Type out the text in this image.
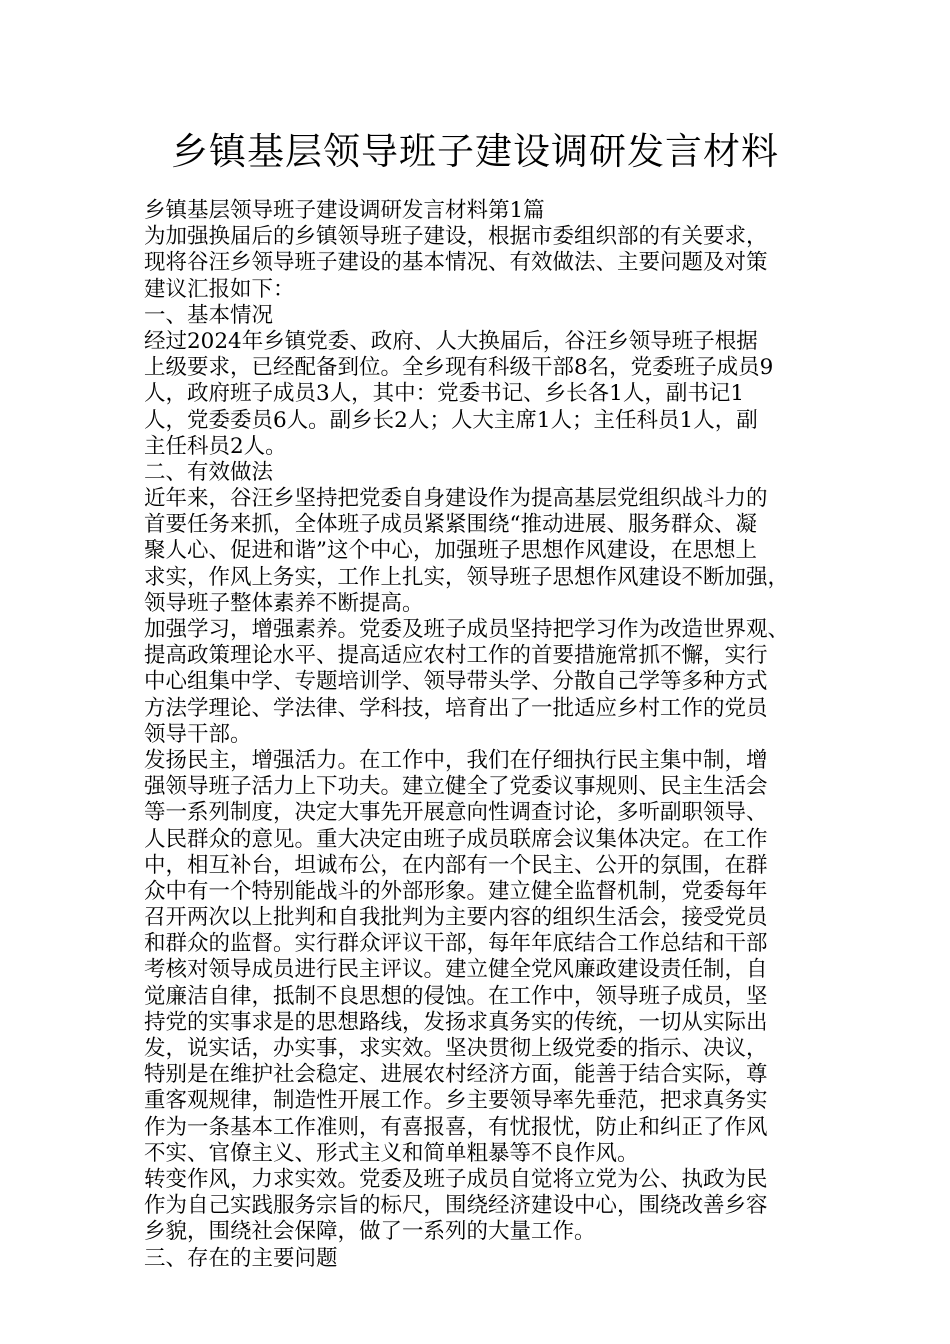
乡镇基层领导班子建设调研发言材料
乡镇基层领导班子建设调研发言材料第1篇
为加强换届后的乡镇领导班子建设，根据市委组织部的有关要求，
现将谷汪乡领导班子建设的基本情况、有效做法、主要问题及对策
建议汇报如下：
一、基本情况
经过2024年乡镇党委、政府、人大换届后，谷汪乡领导班子根据
上级要求，已经配备到位。全乡现有科级干部8名，党委班子成员9
人，政府班子成员3人，其中：党委书记、乡长各1人，副书记1
人，党委委员6人。副乡长2人；人大主席1人；主任科员1人，副
主任科员2人。
二、有效做法
近年来，谷汪乡坚持把党委自身建设作为提高基层党组织战斗力的
首要任务来抓，全体班子成员紧紧围绕“推动进展、服务群众、凝
聚人心、促进和谐”这个中心，加强班子思想作风建设，在思想上
求实，作风上务实，工作上扎实，领导班子思想作风建设不断加强，
领导班子整体素养不断提高。
加强学习，增强素养。党委及班子成员坚持把学习作为改造世界观、
提高政策理论水平、提高适应农村工作的首要措施常抓不懈，实行
中心组集中学、专题培训学、领导带头学、分散自己学等多种方式
方法学理论、学法律、学科技，培育出了一批适应乡村工作的党员
领导干部。
发扬民主，增强活力。在工作中，我们在仔细执行民主集中制，增
强领导班子活力上下功夫。建立健全了党委议事规则、民主生活会
等一系列制度，决定大事先开展意向性调查讨论，多听副职领导、
人民群众的意见。重大决定由班子成员联席会议集体决定。在工作
中，相互补台，坦诚布公，在内部有一个民主、公开的氛围，在群
众中有一个特别能战斗的外部形象。建立健全监督机制，党委每年
召开两次以上批判和自我批判为主要内容的组织生活会，接受党员
和群众的监督。实行群众评议干部，每年年底结合工作总结和干部
考核对领导成员进行民主评议。建立健全党风廉政建设责任制，自
觉廉洁自律，抵制不良思想的侵蚀。在工作中，领导班子成员，坚
持党的实事求是的思想路线，发扬求真务实的传统，一切从实际出
发，说实话，办实事，求实效。坚决贯彻上级党委的指示、决议，
特别是在维护社会稳定、进展农村经济方面，能善于结合实际，尊
重客观规律，制造性开展工作。乡主要领导率先垂范，把求真务实
作为一条基本工作准则，有喜报喜，有忧报忧，防止和纠正了作风
不实、官僚主义、形式主义和简单粗暴等不良作风。
转变作风，力求实效。党委及班子成员自觉将立党为公、执政为民
作为自己实践服务宗旨的标尺，围绕经济建设中心，围绕改善乡容
乡貌，围绕社会保障，做了一系列的大量工作。
三、存在的主要问题
